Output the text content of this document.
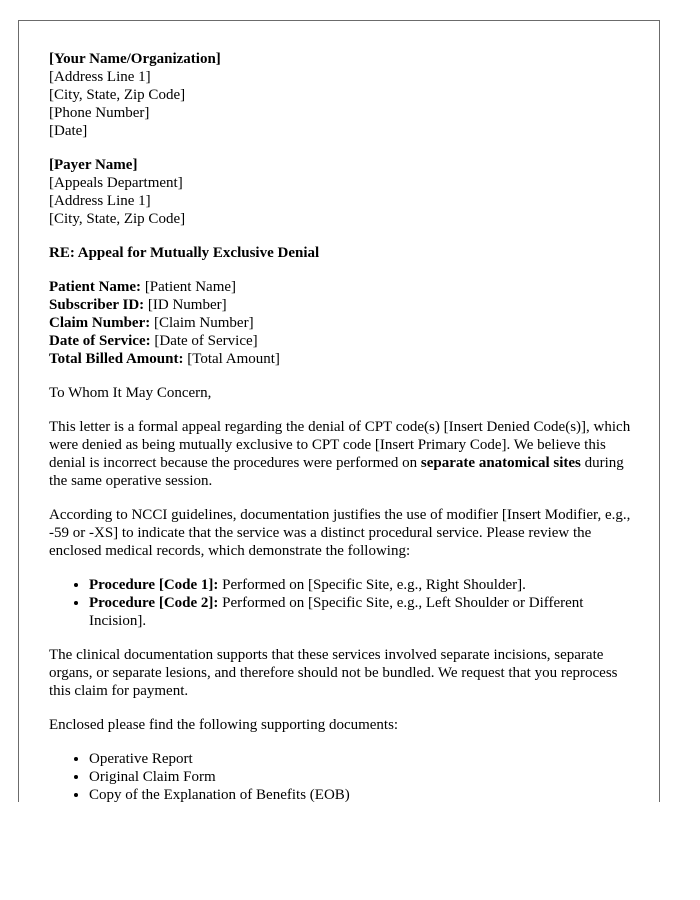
[Your Name/Organization]
[Address Line 1]
[City, State, Zip Code]
[Phone Number]
[Date]
[Payer Name]
[Appeals Department]
[Address Line 1]
[City, State, Zip Code]

RE: Appeal for Mutually Exclusive Denial

Patient Name: [Patient Name]
Subscriber ID: [ID Number]
Claim Number: [Claim Number]
Date of Service: [Date of Service]
Total Billed Amount: [Total Amount]

To Whom It May Concern,

This letter is a formal appeal regarding the denial of CPT code(s) [Insert Denied Code(s)], which were denied as being mutually exclusive to CPT code [Insert Primary Code]. We believe this denial is incorrect because the procedures were performed on separate anatomical sites during the same operative session.

According to NCCI guidelines, documentation justifies the use of modifier [Insert Modifier, e.g., -59 or -XS] to indicate that the service was a distinct procedural service. Please review the enclosed medical records, which demonstrate the following:

• Procedure [Code 1]: Performed on [Specific Site, e.g., Right Shoulder].
• Procedure [Code 2]: Performed on [Specific Site, e.g., Left Shoulder or Different Incision].

The clinical documentation supports that these services involved separate incisions, separate organs, or separate lesions, and therefore should not be bundled. We request that you reprocess this claim for payment.

Enclosed please find the following supporting documents:

• Operative Report
• Original Claim Form
• Copy of the Explanation of Benefits (EOB)
